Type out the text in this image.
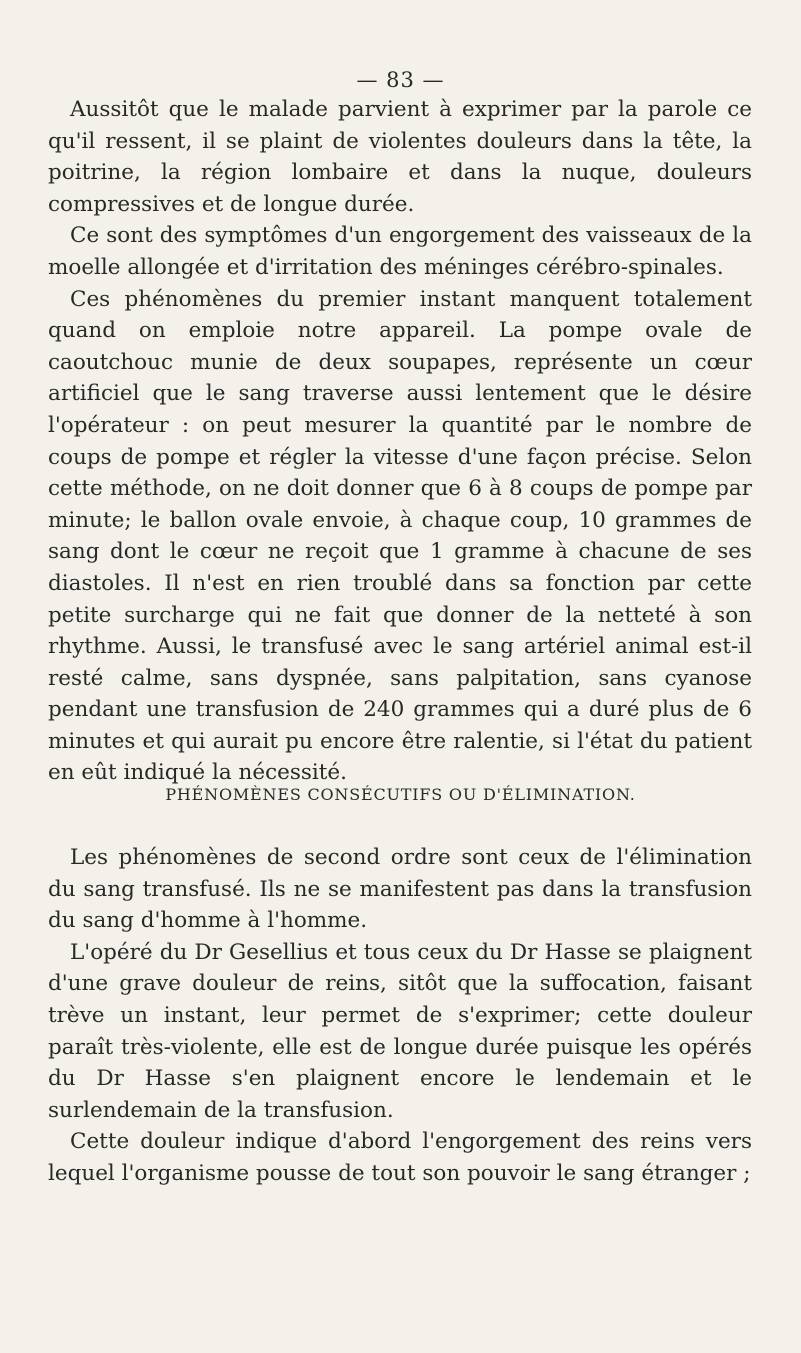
— 83 —

Aussitôt que le malade parvient à exprimer par la parole ce qu'il ressent, il se plaint de violentes douleurs dans la tête, la poitrine, la région lombaire et dans la nuque, douleurs compressives et de longue durée.

Ce sont des symptômes d'un engorgement des vaisseaux de la moelle allongée et d'irritation des méninges cérébro-spinales.

Ces phénomènes du premier instant manquent totalement quand on emploie notre appareil. La pompe ovale de caoutchouc munie de deux soupapes, représente un cœur artificiel que le sang traverse aussi lentement que le désire l'opérateur : on peut mesurer la quantité par le nombre de coups de pompe et régler la vitesse d'une façon précise. Selon cette méthode, on ne doit donner que 6 à 8 coups de pompe par minute; le ballon ovale envoie, à chaque coup, 10 grammes de sang dont le cœur ne reçoit que 1 gramme à chacune de ses diastoles. Il n'est en rien troublé dans sa fonction par cette petite surcharge qui ne fait que donner de la netteté à son rhythme. Aussi, le transfusé avec le sang artériel animal est-il resté calme, sans dyspnée, sans palpitation, sans cyanose pendant une transfusion de 240 grammes qui a duré plus de 6 minutes et qui aurait pu encore être ralentie, si l'état du patient en eût indiqué la nécessité.

PHÉNOMÈNES CONSÉCUTIFS OU D'ÉLIMINATION.

Les phénomènes de second ordre sont ceux de l'élimination du sang transfusé. Ils ne se manifestent pas dans la transfusion du sang d'homme à l'homme.

L'opéré du Dr Gesellius et tous ceux du Dr Hasse se plaignent d'une grave douleur de reins, sitôt que la suffocation, faisant trève un instant, leur permet de s'exprimer; cette douleur paraît très-violente, elle est de longue durée puisque les opérés du Dr Hasse s'en plaignent encore le lendemain et le surlendemain de la transfusion.

Cette douleur indique d'abord l'engorgement des reins vers lequel l'organisme pousse de tout son pouvoir le sang étranger ;
